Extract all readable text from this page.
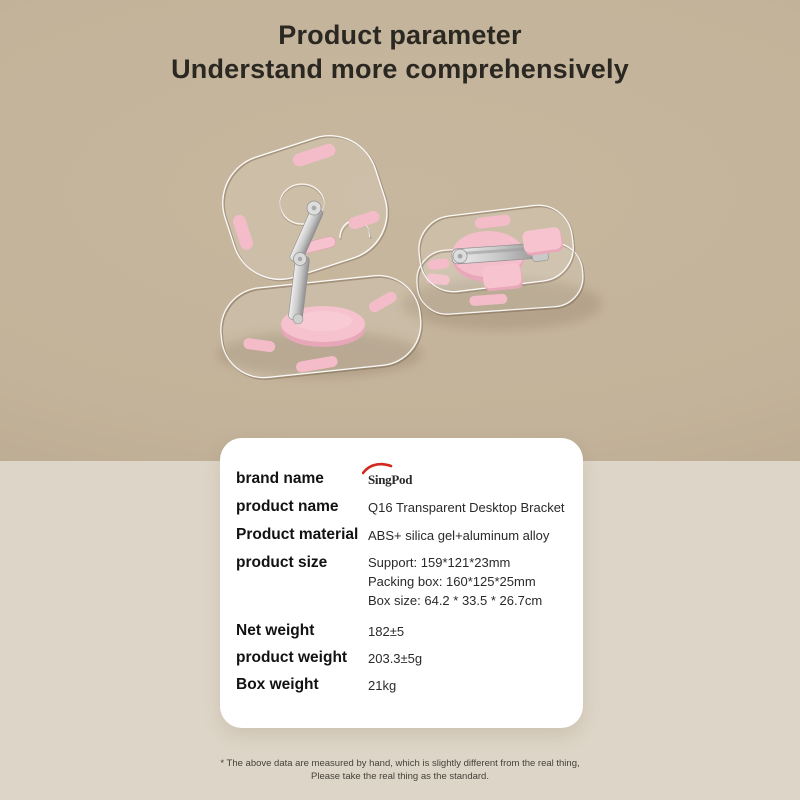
Product parameter
Understand more comprehensively
brand name	SingPod
product name	Q16 Transparent Desktop Bracket
Product material ABS+ silica gel+aluminum alloy
product size	Support: 159*121*23mm
Packing box: 160*125*25mm
Box size: 64.2 * 33.5 * 26.7cm
Net weight	182±5
product weight	203.3±5g
Box weight	21kg
* The above data are measured by hand, which is slightly different from the real thing,
Please take the real thing as the standard.
